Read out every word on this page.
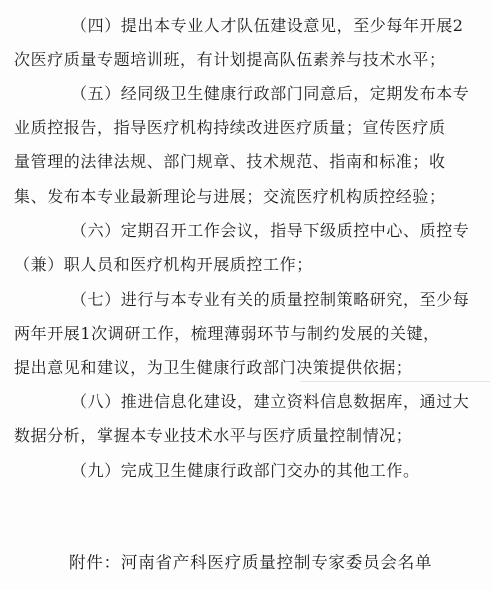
（四）提出本专业人才队伍建设意见，至少每年开展2
次医疗质量专题培训班，有计划提高队伍素养与技术水平；
（五）经同级卫生健康行政部门同意后，定期发布本专
业质控报告，指导医疗机构持续改进医疗质量；宣传医疗质
量管理的法律法规、部门规章、技术规范、指南和标准；收
集、发布本专业最新理论与进展；交流医疗机构质控经验；
（六）定期召开工作会议，指导下级质控中心、质控专
（兼）职人员和医疗机构开展质控工作；
（七）进行与本专业有关的质量控制策略研究，至少每
两年开展1次调研工作，梳理薄弱环节与制约发展的关键，
提出意见和建议，为卫生健康行政部门决策提供依据；
（八）推进信息化建设，建立资料信息数据库，通过大
数据分析，掌握本专业技术水平与医疗质量控制情况；
（九）完成卫生健康行政部门交办的其他工作。
附件：河南省产科医疗质量控制专家委员会名单
